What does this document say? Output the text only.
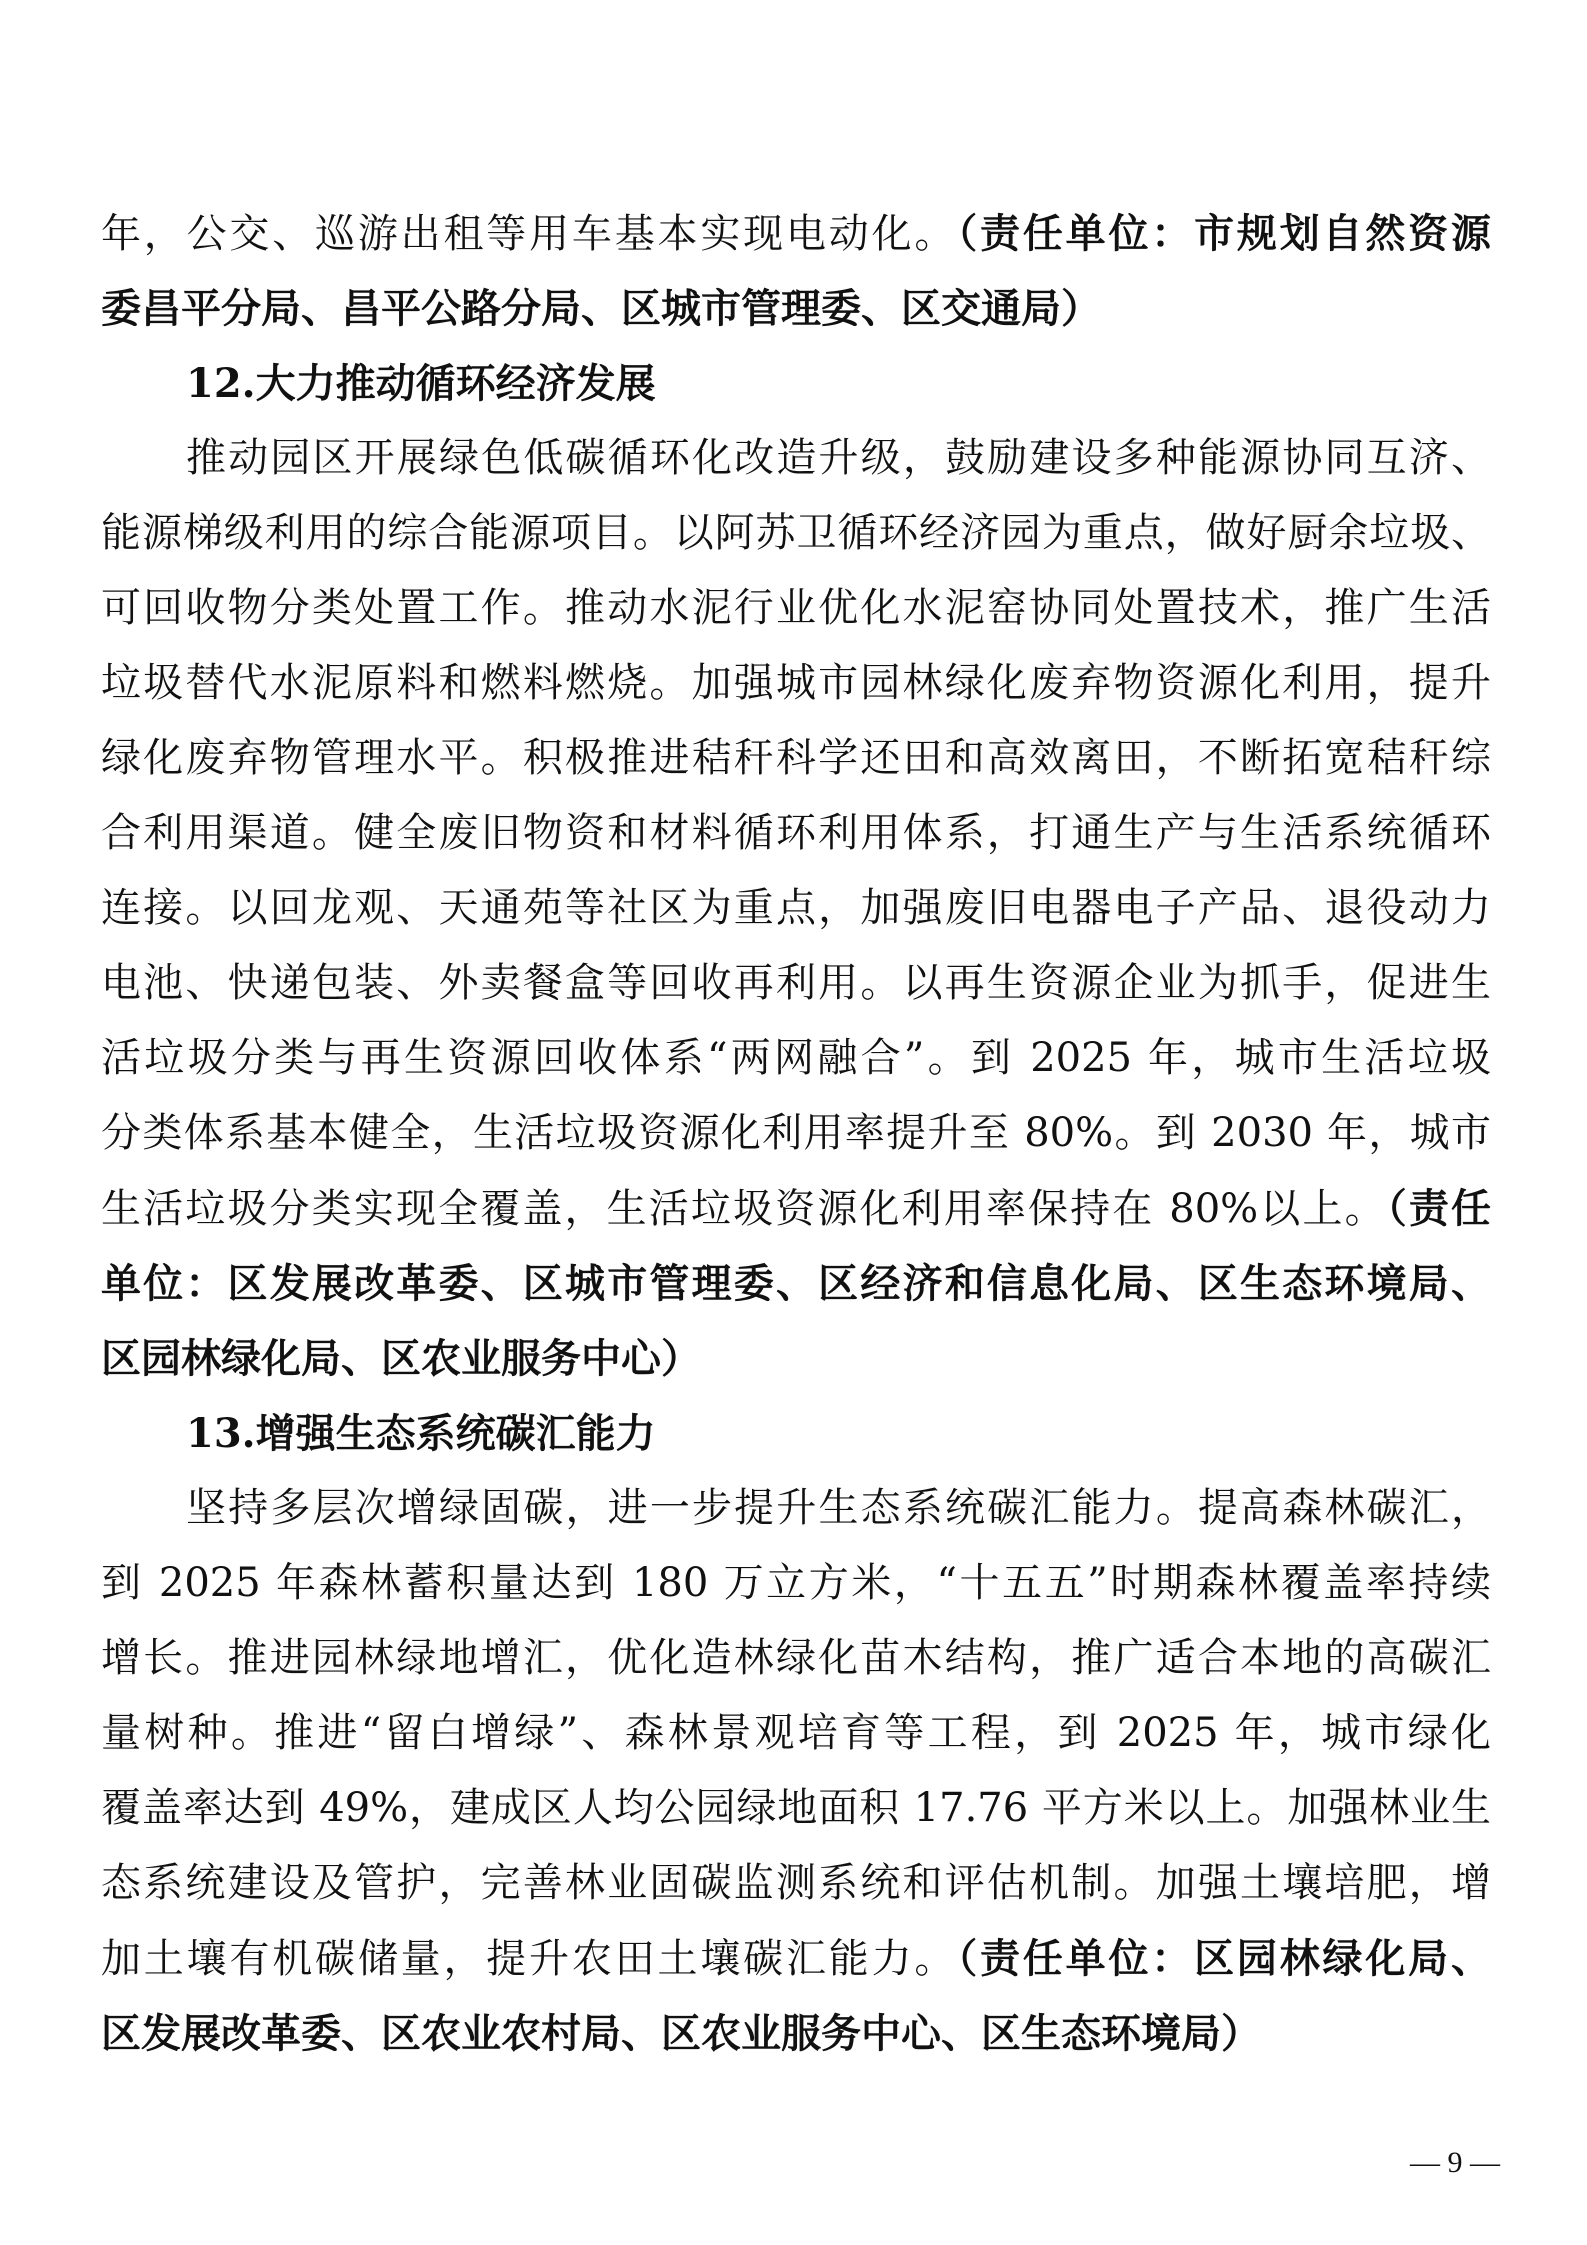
年，公交、巡游出租等用车基本实现电动化。（责任单位：市规划自然资源
委昌平分局、昌平公路分局、区城市管理委、区交通局）
12.大力推动循环经济发展
推动园区开展绿色低碳循环化改造升级，鼓励建设多种能源协同互济、
能源梯级利用的综合能源项目。以阿苏卫循环经济园为重点，做好厨余垃圾、
可回收物分类处置工作。推动水泥行业优化水泥窑协同处置技术，推广生活
垃圾替代水泥原料和燃料燃烧。加强城市园林绿化废弃物资源化利用，提升
绿化废弃物管理水平。积极推进秸秆科学还田和高效离田，不断拓宽秸秆综
合利用渠道。健全废旧物资和材料循环利用体系，打通生产与生活系统循环
连接。以回龙观、天通苑等社区为重点，加强废旧电器电子产品、退役动力
电池、快递包装、外卖餐盒等回收再利用。以再生资源企业为抓手，促进生
活垃圾分类与再生资源回收体系“两网融合”。到 2025 年，城市生活垃圾
分类体系基本健全，生活垃圾资源化利用率提升至 80%。到 2030 年，城市
生活垃圾分类实现全覆盖，生活垃圾资源化利用率保持在 80%以上。（责任
单位：区发展改革委、区城市管理委、区经济和信息化局、区生态环境局、
区园林绿化局、区农业服务中心）
13.增强生态系统碳汇能力
坚持多层次增绿固碳，进一步提升生态系统碳汇能力。提高森林碳汇，
到 2025 年森林蓄积量达到 180 万立方米，“十五五”时期森林覆盖率持续
增长。推进园林绿地增汇，优化造林绿化苗木结构，推广适合本地的高碳汇
量树种。推进“留白增绿”、森林景观培育等工程，到 2025 年，城市绿化
覆盖率达到 49%，建成区人均公园绿地面积 17.76 平方米以上。加强林业生
态系统建设及管护，完善林业固碳监测系统和评估机制。加强土壤培肥，增
加土壤有机碳储量，提升农田土壤碳汇能力。（责任单位：区园林绿化局、
区发展改革委、区农业农村局、区农业服务中心、区生态环境局）
— 9 —
